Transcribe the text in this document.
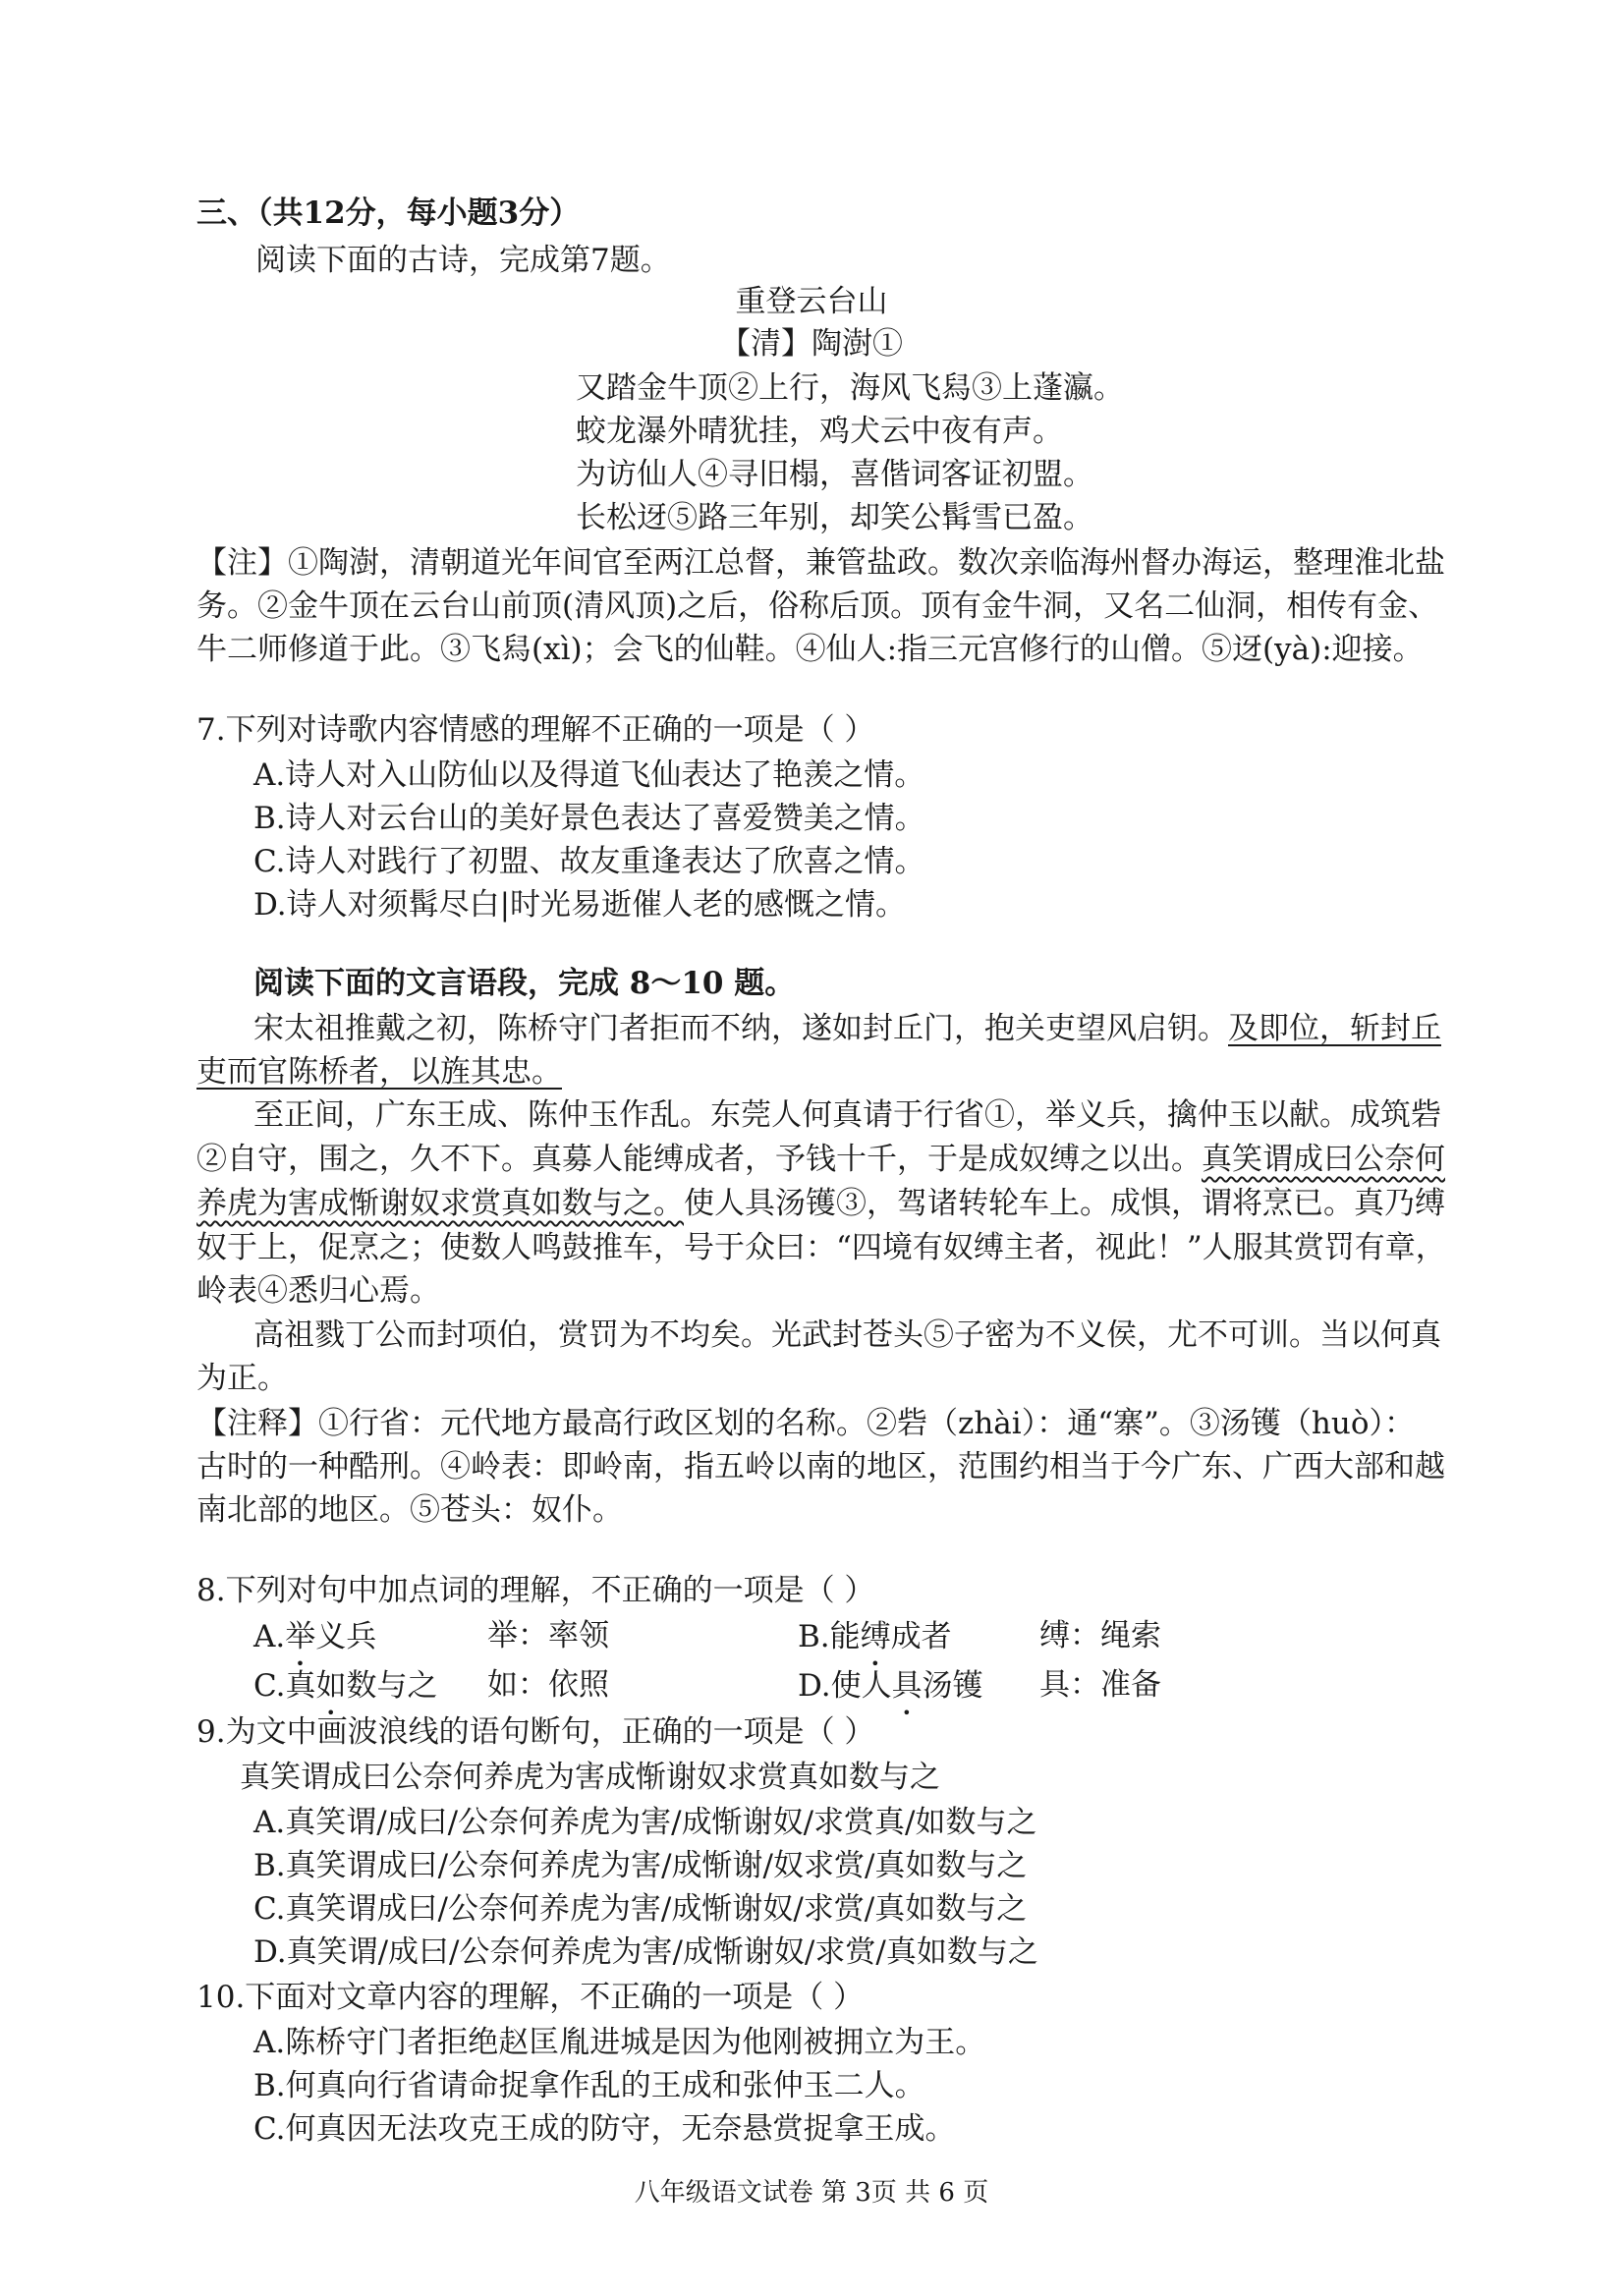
三、（共12分，每小题3分）
阅读下面的古诗，完成第7题。
重登云台山
【清】陶澍①
又踏金牛顶②上行，海风飞舄③上蓬瀛。
蛟龙瀑外晴犹挂，鸡犬云中夜有声。
为访仙人④寻旧榻，喜偕词客证初盟。
长松迓⑤路三年别，却笑公髯雪已盈。
【注】①陶澍，清朝道光年间官至两江总督，兼管盐政。数次亲临海州督办海运，整理淮北盐
务。②金牛顶在云台山前顶(清风顶)之后，俗称后顶。顶有金牛洞，又名二仙洞，相传有金、
牛二师修道于此。③飞舄(xì)；会飞的仙鞋。④仙人:指三元宫修行的山僧。⑤迓(yà):迎接。
7.下列对诗歌内容情感的理解不正确的一项是（ ）
A.诗人对入山防仙以及得道飞仙表达了艳羡之情。
B.诗人对云台山的美好景色表达了喜爱赞美之情。
C.诗人对践行了初盟、故友重逢表达了欣喜之情。
D.诗人对须髯尽白|时光易逝催人老的感慨之情。
阅读下面的文言语段，完成 8～10 题。
宋太祖推戴之初，陈桥守门者拒而不纳，遂如封丘门，抱关吏望风启钥。及即位，斩封丘
吏而官陈桥者，以旌其忠。
至正间，广东王成、陈仲玉作乱。东莞人何真请于行省①，举义兵，擒仲玉以献。成筑砦
②自守，围之，久不下。真募人能缚成者，予钱十千，于是成奴缚之以出。真笑谓成曰公奈何
养虎为害成惭谢奴求赏真如数与之。使人具汤镬③，驾诸转轮车上。成惧，谓将烹已。真乃缚
奴于上，促烹之；使数人鸣鼓推车，号于众曰：“四境有奴缚主者，视此！”人服其赏罚有章，
岭表④悉归心焉。
高祖戮丁公而封项伯，赏罚为不均矣。光武封苍头⑤子密为不义侯，尤不可训。当以何真
为正。
【注释】①行省：元代地方最高行政区划的名称。②砦（zhài）：通“寨”。③汤镬（huò）：
古时的一种酷刑。④岭表：即岭南，指五岭以南的地区，范围约相当于今广东、广西大部和越
南北部的地区。⑤苍头：奴仆。
8.下列对句中加点词的理解，不正确的一项是（ ）
A.举义兵	举：率领	B.能缚成者	缚：绳索
C.真如数与之 如：依照	D.使人具汤镬 具：准备
9.为文中画波浪线的语句断句，正确的一项是（ ）
真笑谓成曰公奈何养虎为害成惭谢奴求赏真如数与之
A.真笑谓/成曰/公奈何养虎为害/成惭谢奴/求赏真/如数与之
B.真笑谓成曰/公奈何养虎为害/成惭谢/奴求赏/真如数与之
C.真笑谓成曰/公奈何养虎为害/成惭谢奴/求赏/真如数与之
D.真笑谓/成曰/公奈何养虎为害/成惭谢奴/求赏/真如数与之
10.下面对文章内容的理解，不正确的一项是（ ）
A.陈桥守门者拒绝赵匡胤进城是因为他刚被拥立为王。
B.何真向行省请命捉拿作乱的王成和张仲玉二人。
C.何真因无法攻克王成的防守，无奈悬赏捉拿王成。
八年级语文试卷 第 3页 共 6 页
